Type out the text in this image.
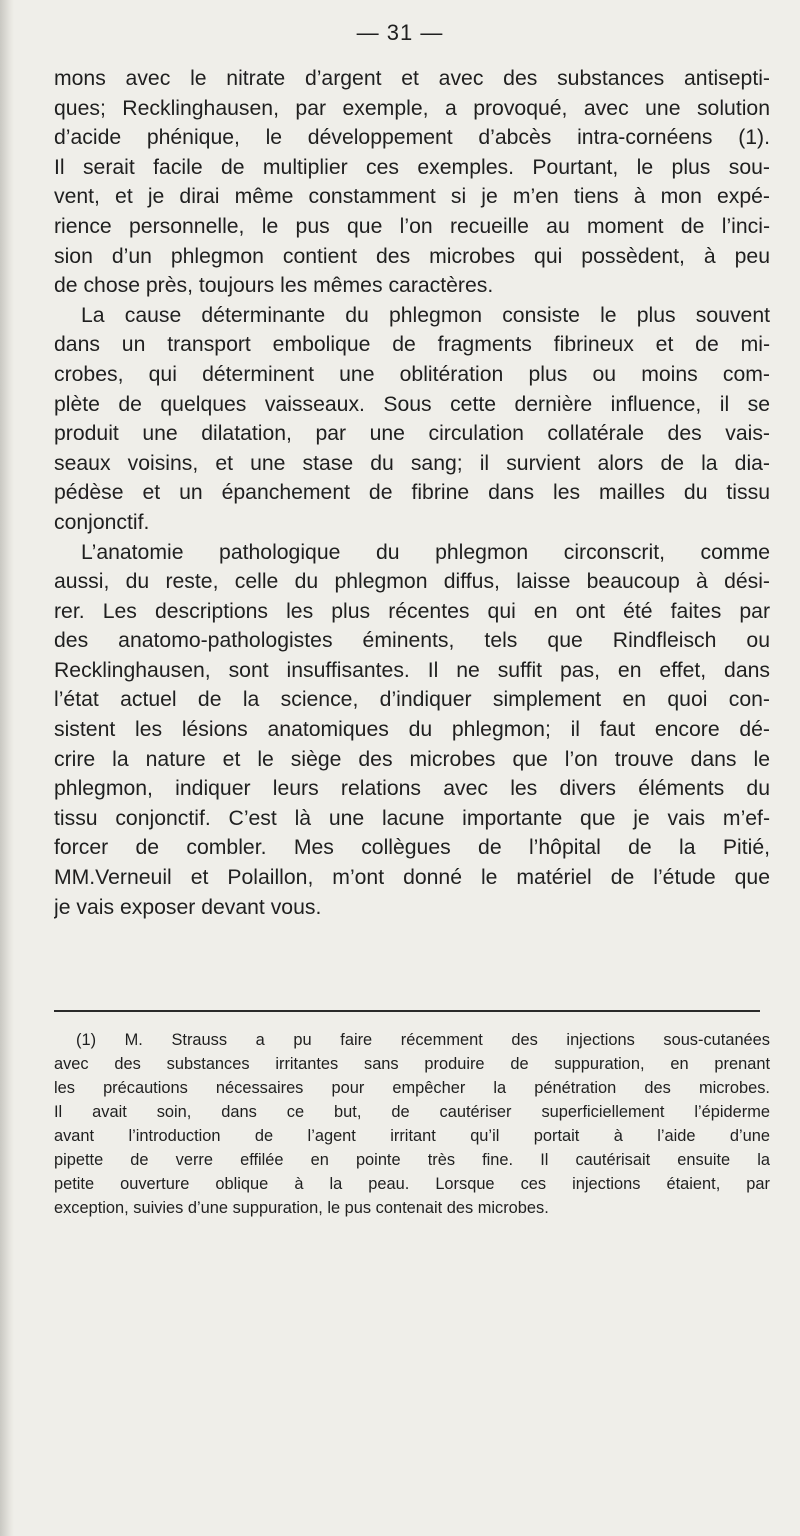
— 31 —
mons avec le nitrate d’argent et avec des substances antisepti-
ques; Recklinghausen, par exemple, a provoqué, avec une solution
d’acide phénique, le développement d’abcès intra-cornéens (1).
Il serait facile de multiplier ces exemples. Pourtant, le plus sou-
vent, et je dirai même constamment si je m’en tiens à mon expé-
rience personnelle, le pus que l’on recueille au moment de l’inci-
sion d’un phlegmon contient des microbes qui possèdent, à peu
de chose près, toujours les mêmes caractères.
La cause déterminante du phlegmon consiste le plus souvent
dans un transport embolique de fragments fibrineux et de mi-
crobes, qui déterminent une oblitération plus ou moins com-
plète de quelques vaisseaux. Sous cette dernière influence, il se
produit une dilatation, par une circulation collatérale des vais-
seaux voisins, et une stase du sang; il survient alors de la dia-
pédèse et un épanchement de fibrine dans les mailles du tissu
conjonctif.
L’anatomie pathologique du phlegmon circonscrit, comme
aussi, du reste, celle du phlegmon diffus, laisse beaucoup à dési-
rer. Les descriptions les plus récentes qui en ont été faites par
des anatomo-pathologistes éminents, tels que Rindfleisch ou
Recklinghausen, sont insuffisantes. Il ne suffit pas, en effet, dans
l’état actuel de la science, d’indiquer simplement en quoi con-
sistent les lésions anatomiques du phlegmon; il faut encore dé-
crire la nature et le siège des microbes que l’on trouve dans le
phlegmon, indiquer leurs relations avec les divers éléments du
tissu conjonctif. C’est là une lacune importante que je vais m’ef-
forcer de combler. Mes collègues de l’hôpital de la Pitié,
MM.Verneuil et Polaillon, m’ont donné le matériel de l’étude que
je vais exposer devant vous.
(1) M. Strauss a pu faire récemment des injections sous-cutanées
avec des substances irritantes sans produire de suppuration, en prenant
les précautions nécessaires pour empêcher la pénétration des microbes.
Il avait soin, dans ce but, de cautériser superficiellement l’épiderme
avant l’introduction de l’agent irritant qu’il portait à l’aide d’une
pipette de verre effilée en pointe très fine. Il cautérisait ensuite la
petite ouverture oblique à la peau. Lorsque ces injections étaient, par
exception, suivies d’une suppuration, le pus contenait des microbes.
